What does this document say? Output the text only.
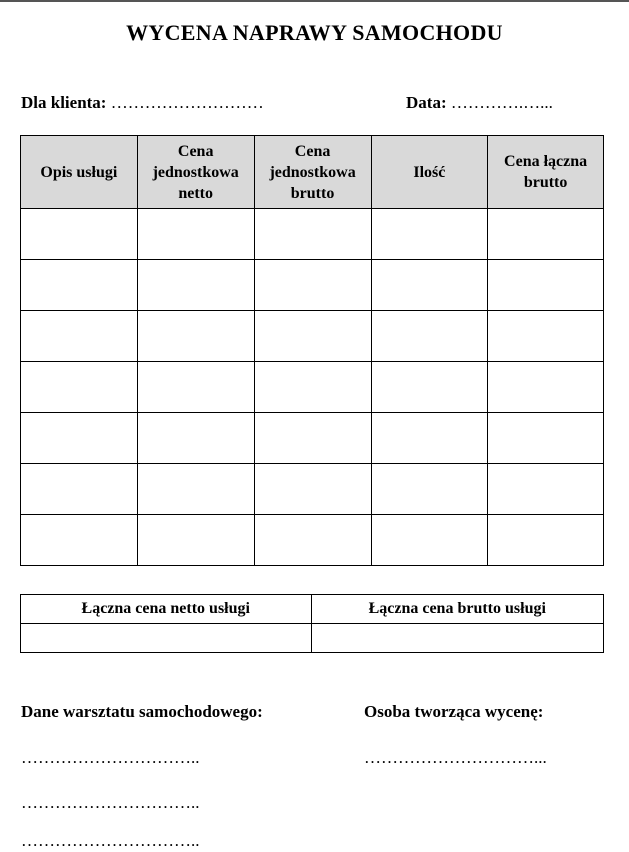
WYCENA NAPRAWY SAMOCHODU
Dla klienta: ………………………	Data: ………….…...
Opis usługi	Cena jednostkowa netto	Cena jednostkowa brutto	Ilość	Cena łączna brutto

Łączna cena netto usługi	Łączna cena brutto usługi

Dane warsztatu samochodowego:
…………………………..
…………………………..
…………………………..
Osoba tworząca wycenę:
…………………………...
